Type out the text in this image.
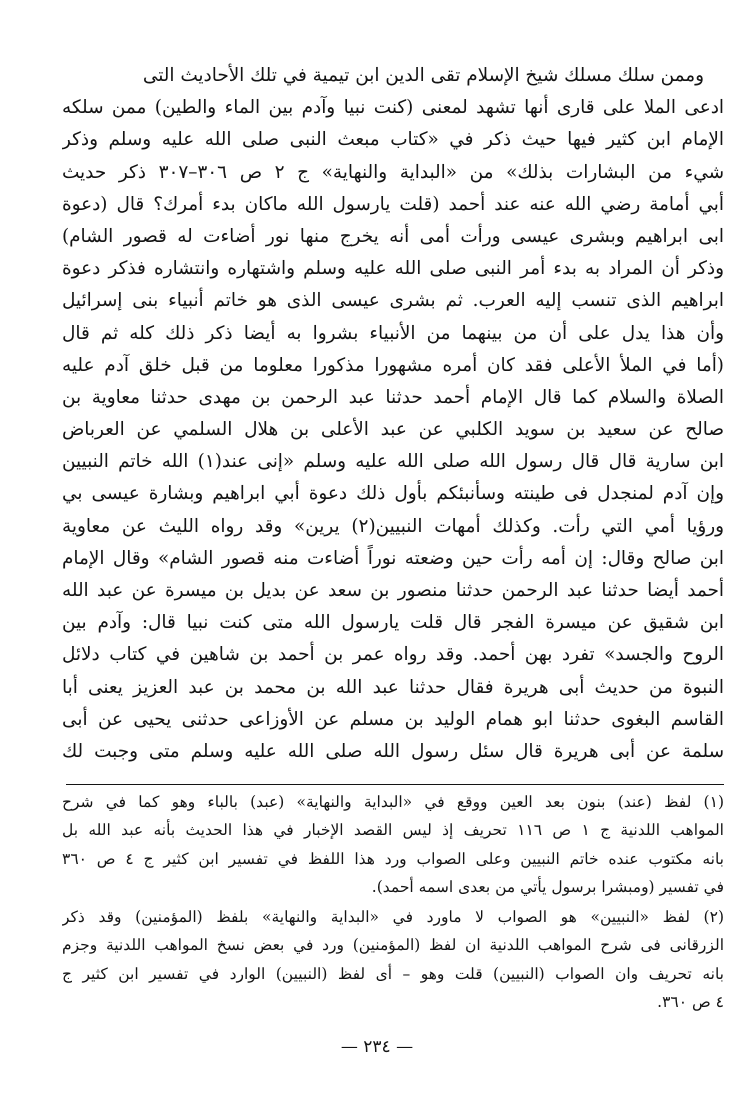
وممن سلك مسلك شيخ الإسلام تقى الدين ابن تيمية في تلك الأحاديث التى
ادعى الملا على قارى أنها تشهد لمعنى (كنت نبيا وآدم بين الماء والطين) ممن سلكه
الإمام ابن كثير فيها حيث ذكر في «كتاب مبعث النبى صلى الله عليه وسلم وذكر
شيء من البشارات بذلك» من «البداية والنهاية» ج ٢ ص ٣٠٦–٣٠٧ ذكر حديث
أبي أمامة رضي الله عنه عند أحمد (قلت يارسول الله ماكان بدء أمرك؟ قال (دعوة
ابى ابراهيم وبشرى عيسى ورأت أمى أنه يخرج منها نور أضاءت له قصور الشام)
وذكر أن المراد به بدء أمر النبى صلى الله عليه وسلم واشتهاره وانتشاره فذكر دعوة
ابراهيم الذى تنسب إليه العرب. ثم بشرى عيسى الذى هو خاتم أنبياء بنى إسرائيل
وأن هذا يدل على أن من بينهما من الأنبياء بشروا به أيضا ذكر ذلك كله ثم قال
(أما في الملأ الأعلى فقد كان أمره مشهورا مذكورا معلوما من قبل خلق آدم عليه
الصلاة والسلام كما قال الإمام أحمد حدثنا عبد الرحمن بن مهدى حدثنا معاوية بن
صالح عن سعيد بن سويد الكلبي عن عبد الأعلى بن هلال السلمي عن العرباض
ابن سارية قال قال رسول الله صلى الله عليه وسلم «إنى عند(١) الله خاتم النبيين
وإن آدم لمنجدل فى طينته وسأنبئكم بأول ذلك دعوة أبي ابراهيم وبشارة عيسى بي
ورؤيا أمي التي رأت. وكذلك أمهات النبيين(٢) يرين» وقد رواه الليث عن معاوية
ابن صالح وقال: إن أمه رأت حين وضعته نوراً أضاءت منه قصور الشام» وقال الإمام
أحمد أيضا حدثنا عبد الرحمن حدثنا منصور بن سعد عن بديل بن ميسرة عن عبد الله
ابن شقيق عن ميسرة الفجر قال قلت يارسول الله متى كنت نبيا قال: وآدم بين
الروح والجسد» تفرد بهن أحمد. وقد رواه عمر بن أحمد بن شاهين في كتاب دلائل
النبوة من حديث أبى هريرة فقال حدثنا عبد الله بن محمد بن عبد العزيز يعنى أبا
القاسم البغوى حدثنا ابو همام الوليد بن مسلم عن الأوزاعى حدثنى يحيى عن أبى
سلمة عن أبى هريرة قال سئل رسول الله صلى الله عليه وسلم متى وجبت لك
(١) لفظ (عند) بنون بعد العين ووقع في «البداية والنهاية» (عبد) بالباء وهو كما في شرح
المواهب اللدنية ج ١ ص ١١٦ تحريف إذ ليس القصد الإخبار في هذا الحديث بأنه عبد الله بل
بانه مكتوب عنده خاتم النبيين وعلى الصواب ورد هذا اللفظ في تفسير ابن كثير ج ٤ ص ٣٦٠
في تفسير (ومبشرا برسول يأتي من بعدى اسمه أحمد).
(٢) لفظ «النبيين» هو الصواب لا ماورد في «البداية والنهاية» بلفظ (المؤمنين) وقد ذكر
الزرقانى فى شرح المواهب اللدنية ان لفظ (المؤمنين) ورد في بعض نسخ المواهب اللدنية وجزم
بانه تحريف وان الصواب (النبيين) قلت وهو – أى لفظ (النبيين) الوارد في تفسير ابن كثير ج
٤ ص ٣٦٠.
— ٢٣٤ —
